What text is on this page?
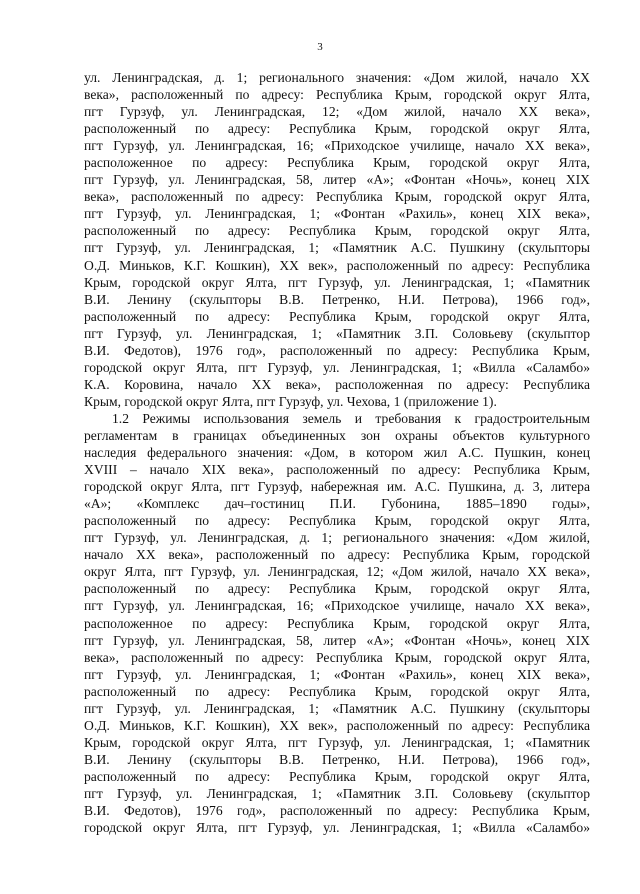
3
ул. Ленинградская, д. 1; регионального значения: «Дом жилой, начало XX
века», расположенный по адресу: Республика Крым, городской округ Ялта,
пгт Гурзуф, ул. Ленинградская, 12; «Дом жилой, начало XX века»,
расположенный по адресу: Республика Крым, городской округ Ялта,
пгт Гурзуф, ул. Ленинградская, 16; «Приходское училище, начало XX века»,
расположенное по адресу: Республика Крым, городской округ Ялта,
пгт Гурзуф, ул. Ленинградская, 58, литер «А»; «Фонтан «Ночь», конец XIX
века», расположенный по адресу: Республика Крым, городской округ Ялта,
пгт Гурзуф, ул. Ленинградская, 1; «Фонтан «Рахиль», конец XIX века»,
расположенный по адресу: Республика Крым, городской округ Ялта,
пгт Гурзуф, ул. Ленинградская, 1; «Памятник А.С. Пушкину (скульпторы
О.Д. Миньков, К.Г. Кошкин), XX век», расположенный по адресу: Республика
Крым, городской округ Ялта, пгт Гурзуф, ул. Ленинградская, 1; «Памятник
В.И. Ленину (скульпторы В.В. Петренко, Н.И. Петрова), 1966 год»,
расположенный по адресу: Республика Крым, городской округ Ялта,
пгт Гурзуф, ул. Ленинградская, 1; «Памятник З.П. Соловьеву (скульптор
В.И. Федотов), 1976 год», расположенный по адресу: Республика Крым,
городской округ Ялта, пгт Гурзуф, ул. Ленинградская, 1; «Вилла «Саламбо»
К.А. Коровина, начало XX века», расположенная по адресу: Республика
Крым, городской округ Ялта, пгт Гурзуф, ул. Чехова, 1 (приложение 1).
1.2 Режимы использования земель и требования к градостроительным
регламентам в границах объединенных зон охраны объектов культурного
наследия федерального значения: «Дом, в котором жил А.С. Пушкин, конец
XVIII – начало XIX века», расположенный по адресу: Республика Крым,
городской округ Ялта, пгт Гурзуф, набережная им. А.С. Пушкина, д. 3, литера
«А»; «Комплекс дач–гостиниц П.И. Губонина, 1885–1890 годы»,
расположенный по адресу: Республика Крым, городской округ Ялта,
пгт Гурзуф, ул. Ленинградская, д. 1; регионального значения: «Дом жилой,
начало XX века», расположенный по адресу: Республика Крым, городской
округ Ялта, пгт Гурзуф, ул. Ленинградская, 12; «Дом жилой, начало XX века»,
расположенный по адресу: Республика Крым, городской округ Ялта,
пгт Гурзуф, ул. Ленинградская, 16; «Приходское училище, начало XX века»,
расположенное по адресу: Республика Крым, городской округ Ялта,
пгт Гурзуф, ул. Ленинградская, 58, литер «А»; «Фонтан «Ночь», конец XIX
века», расположенный по адресу: Республика Крым, городской округ Ялта,
пгт Гурзуф, ул. Ленинградская, 1; «Фонтан «Рахиль», конец XIX века»,
расположенный по адресу: Республика Крым, городской округ Ялта,
пгт Гурзуф, ул. Ленинградская, 1; «Памятник А.С. Пушкину (скульпторы
О.Д. Миньков, К.Г. Кошкин), XX век», расположенный по адресу: Республика
Крым, городской округ Ялта, пгт Гурзуф, ул. Ленинградская, 1; «Памятник
В.И. Ленину (скульпторы В.В. Петренко, Н.И. Петрова), 1966 год»,
расположенный по адресу: Республика Крым, городской округ Ялта,
пгт Гурзуф, ул. Ленинградская, 1; «Памятник З.П. Соловьеву (скульптор
В.И. Федотов), 1976 год», расположенный по адресу: Республика Крым,
городской округ Ялта, пгт Гурзуф, ул. Ленинградская, 1; «Вилла «Саламбо»
